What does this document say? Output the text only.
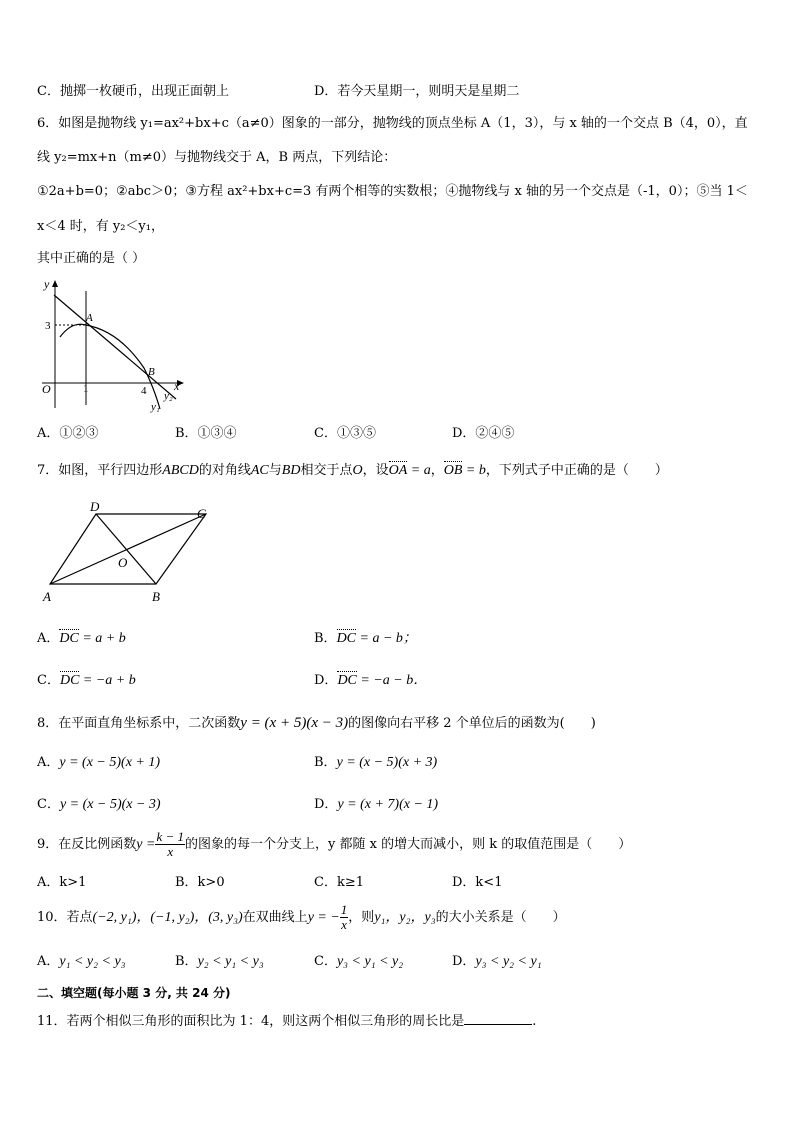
C．抛掷一枚硬币，出现正面朝上	D．若今天星期一，则明天是星期二
6．如图是抛物线 y₁=ax²+bx+c（a≠0）图象的一部分，抛物线的顶点坐标 A（1，3），与 x 轴的一个交点 B（4，0），直
线 y₂=mx+n（m≠0）与抛物线交于 A，B 两点，下列结论：
①2a+b=0；②abc＞0；③方程 ax²+bx+c=3 有两个相等的实数根；④抛物线与 x 轴的另一个交点是（-1，0）；⑤当 1＜
x＜4 时，有 y₂＜y₁，
其中正确的是（ ）
y
x
O	1	4
3
A
B
y₂
y₁
A．①②③	B．①③④	C．①③⑤	D．②④⑤
7．如图，平行四边形ABCD的对角线AC与BD相交于点O，设OA = a，OB = b，下列式子中正确的是（　　）
D	C
O
A	B
A．DC = a + b	B．DC = a − b；
C．DC = −a + b	D．DC = −a − b．
8．在平面直角坐标系中，二次函数y = (x + 5)(x − 3)的图像向右平移 2 个单位后的函数为(　　)
A．y = (x − 5)(x + 1)	B．y = (x − 5)(x + 3)
C．y = (x − 5)(x − 3)	D．y = (x + 7)(x − 1)
9．在反比例函数$y = \frac{k - 1}{x}$ 的图象的每一个分支上，y 都随 x 的增大而减小，则 k 的取值范围是（　　）
A．k>1	B．k>0	C．k≥1	D．k<1
10．若点(−2, y₁)，(−1, y₂)，(3, y₃)在双曲线上y = − $\frac{1}{x}$ ，则y₁，y₂，y₃的大小关系是（　　）
A．y₁ < y₂ < y₃	B．y₂ < y₁ < y₃	C．y₃ < y₁ < y₂	D．y₃ < y₂ < y₁
二、填空题(每小题 3 分, 共 24 分)
11．若两个相似三角形的面积比为 1：4，则这两个相似三角形的周长比是	.
